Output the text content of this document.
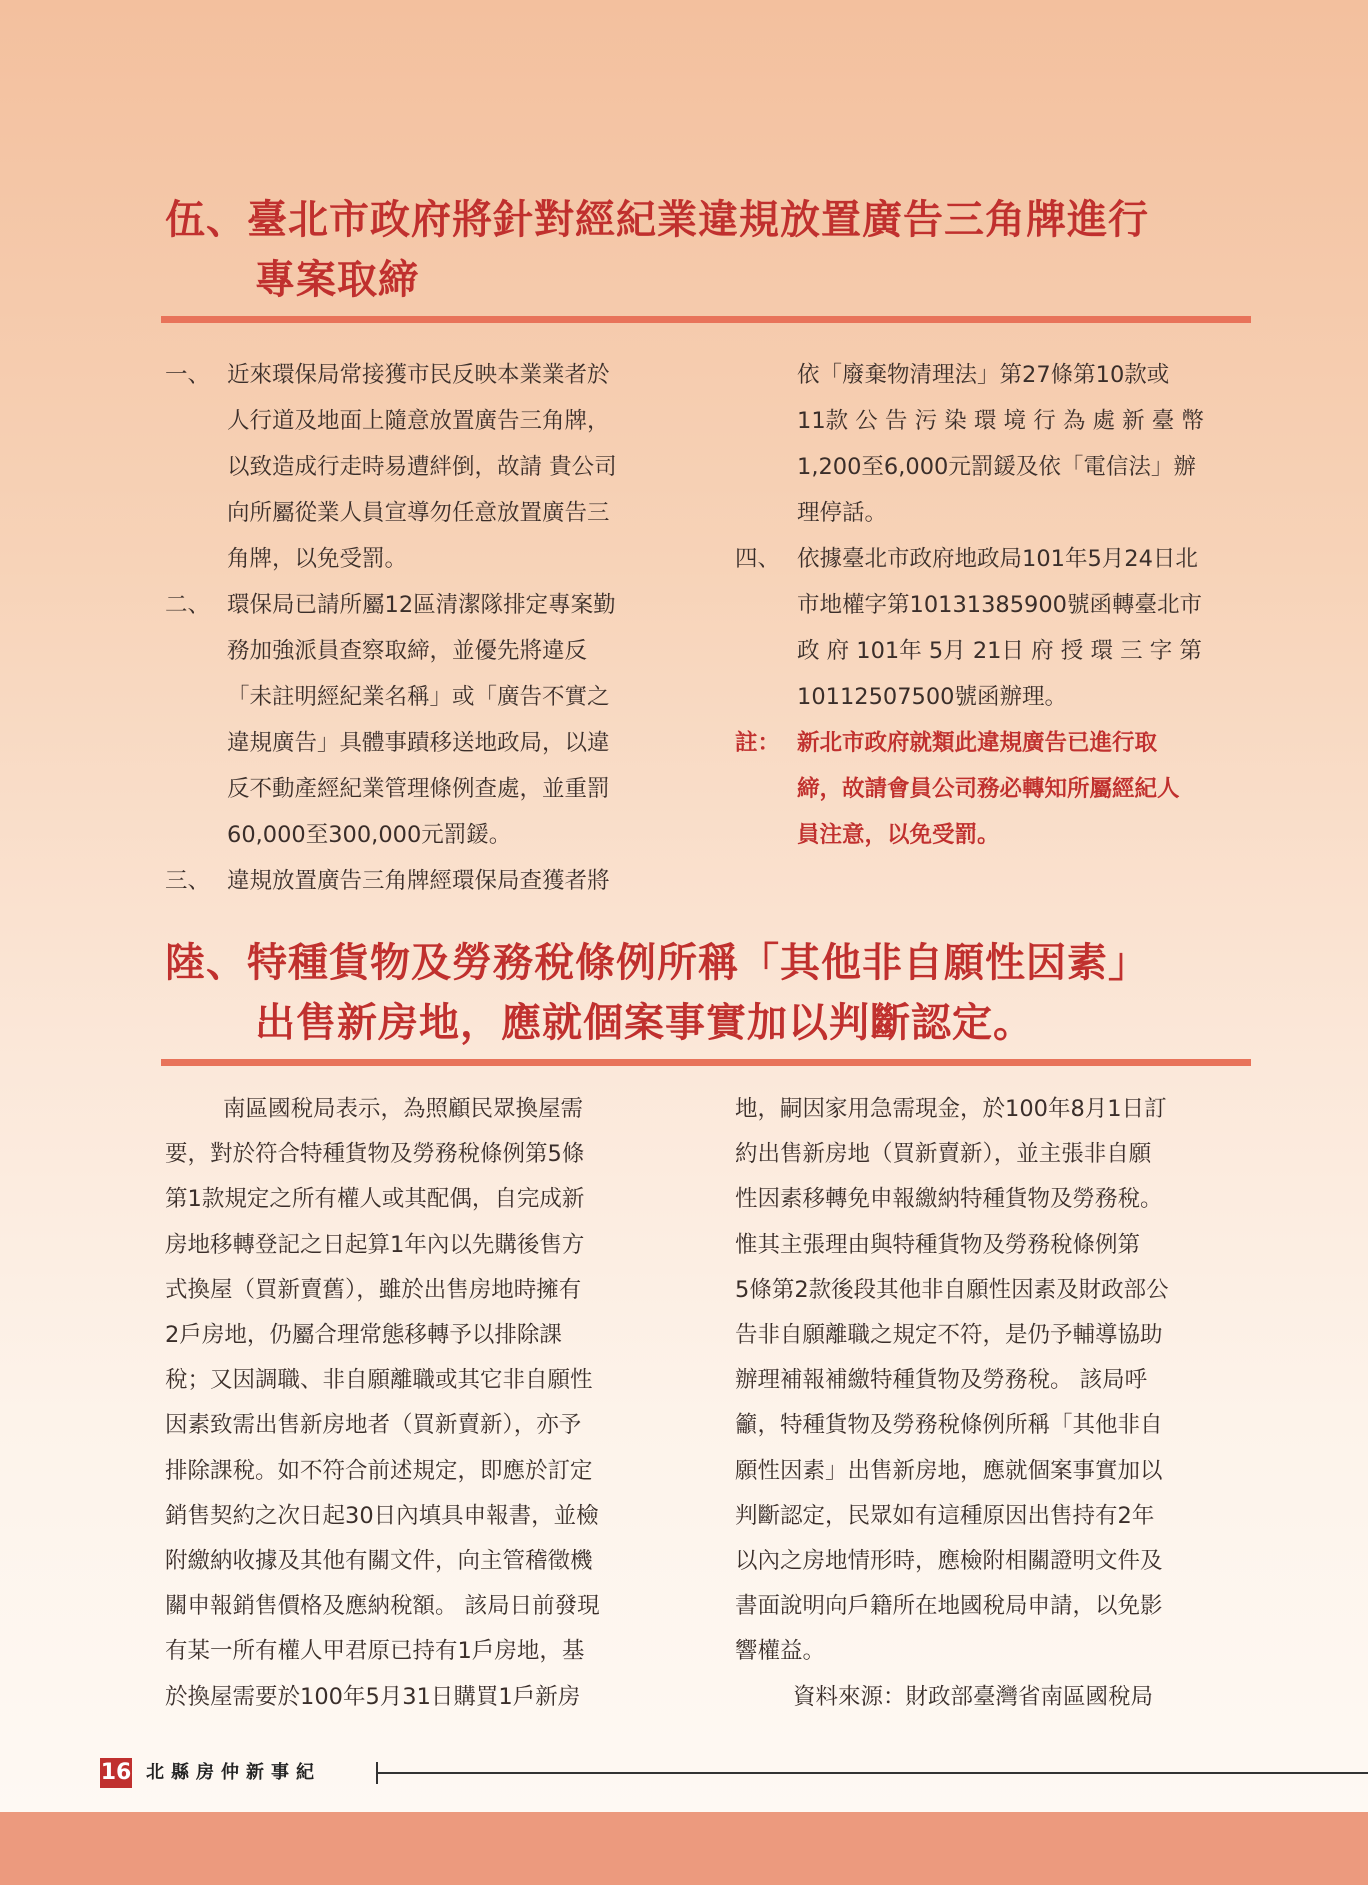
伍、臺北市政府將針對經紀業違規放置廣告三角牌進行
專案取締
一、 近來環保局常接獲市民反映本業業者於
人行道及地面上隨意放置廣告三角牌，
以致造成行走時易遭絆倒，故請 貴公司
向所屬從業人員宣導勿任意放置廣告三
角牌，以免受罰。
二、 環保局已請所屬12區清潔隊排定專案勤
務加強派員查察取締，並優先將違反
「未註明經紀業名稱」或「廣告不實之
違規廣告」具體事蹟移送地政局，以違
反不動產經紀業管理條例查處，並重罰
60,000至300,000元罰鍰。
三、 違規放置廣告三角牌經環保局查獲者將
依「廢棄物清理法」第27條第10款或
11款 公 告 污 染 環 境 行 為 處 新 臺 幣
1,200至6,000元罰鍰及依「電信法」辦
理停話。
四、 依據臺北市政府地政局101年5月24日北
市地權字第10131385900號函轉臺北市
政 府 101年 5月 21日 府 授 環 三 字 第
10112507500號函辦理。
註： 新北市政府就類此違規廣告已進行取
締，故請會員公司務必轉知所屬經紀人
員注意，以免受罰。
陸、特種貨物及勞務稅條例所稱「其他非自願性因素」
出售新房地，應就個案事實加以判斷認定。
南區國稅局表示，為照顧民眾換屋需
要，對於符合特種貨物及勞務稅條例第5條
第1款規定之所有權人或其配偶，自完成新
房地移轉登記之日起算1年內以先購後售方
式換屋（買新賣舊），雖於出售房地時擁有
2戶房地，仍屬合理常態移轉予以排除課
稅；又因調職、非自願離職或其它非自願性
因素致需出售新房地者（買新賣新），亦予
排除課稅。如不符合前述規定，即應於訂定
銷售契約之次日起30日內填具申報書，並檢
附繳納收據及其他有關文件，向主管稽徵機
關申報銷售價格及應納稅額。 該局日前發現
有某一所有權人甲君原已持有1戶房地，基
於換屋需要於100年5月31日購買1戶新房
地，嗣因家用急需現金，於100年8月1日訂
約出售新房地（買新賣新），並主張非自願
性因素移轉免申報繳納特種貨物及勞務稅。
惟其主張理由與特種貨物及勞務稅條例第
5條第2款後段其他非自願性因素及財政部公
告非自願離職之規定不符，是仍予輔導協助
辦理補報補繳特種貨物及勞務稅。 該局呼
籲，特種貨物及勞務稅條例所稱「其他非自
願性因素」出售新房地，應就個案事實加以
判斷認定，民眾如有這種原因出售持有2年
以內之房地情形時，應檢附相關證明文件及
書面說明向戶籍所在地國稅局申請，以免影
響權益。
資料來源：財政部臺灣省南區國稅局
16 北縣房仲新事紀
